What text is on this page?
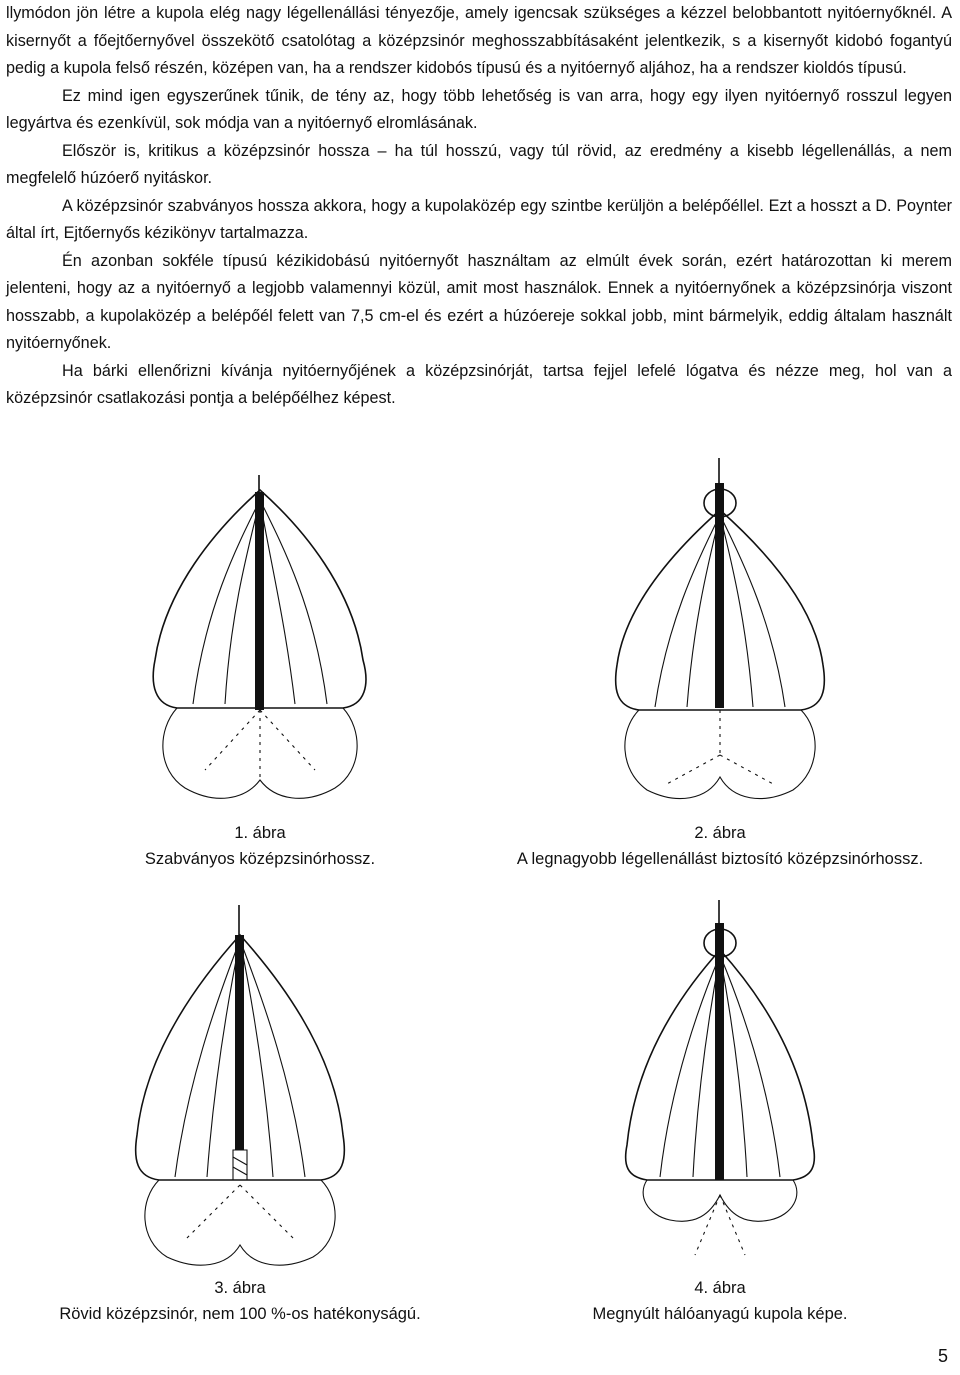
llymódon jön létre a kupola elég nagy légellenállási tényezője, amely igencsak szükséges a kézzel belobbantott nyitóernyőknél. A kisernyőt a főejtőernyővel összekötő csatolótag a középzsinór meghosszabbításaként jelentkezik, s a kisernyőt kidobó fogantyú pedig a kupola felső részén, középen van, ha a rendszer kidobós típusú és a nyitóernyő aljához, ha a rendszer kioldós típusú.

Ez mind igen egyszerűnek tűnik, de tény az, hogy több lehetőség is van arra, hogy egy ilyen nyitóernyő rosszul legyen legyártva és ezenkívül, sok módja van a nyitóernyő elromlásának.

Először is, kritikus a középzsinór hossza – ha túl hosszú, vagy túl rövid, az eredmény a kisebb légellenállás, a nem megfelelő húzóerő nyitáskor.

A középzsinór szabványos hossza akkora, hogy a kupolaközép egy szintbe kerüljön a belépőéllel. Ezt a hosszt a D. Poynter által írt, Ejtőernyős kézikönyv tartalmazza.

Én azonban sokféle típusú kézikidobású nyitóernyőt használtam az elmúlt évek során, ezért határozottan ki merem jelenteni, hogy az a nyitóernyő a legjobb valamennyi közül, amit most használok. Ennek a nyitóernyőnek a középzsinórja viszont hosszabb, a kupolaközép a belépőél felett van 7,5 cm-el és ezért a húzóereje sokkal jobb, mint bármelyik, eddig általam használt nyitóernyőnek.

Ha bárki ellenőrizni kívánja nyitóernyőjének a középzsinórját, tartsa fejjel lefelé lógatva és nézze meg, hol van a középzsinór csatlakozási pontja a belépőélhez képest.

1. ábra
Szabványos középzsinórhossz.
2. ábra
A legnagyobb légellenállást biztosító középzsinórhossz.
3. ábra
Rövid középzsinór, nem 100 %-os hatékonyságú.
4. ábra
Megnyúlt hálóanyagú kupola képe.
5
